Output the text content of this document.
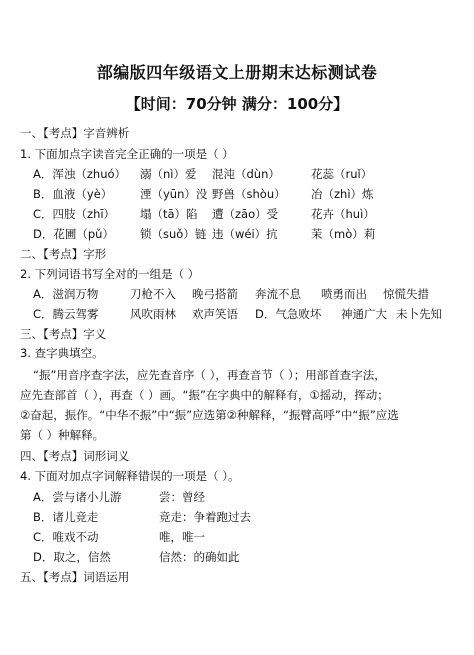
部编版四年级语文上册期末达标测试卷
【时间：70分钟 满分：100分】
一、【考点】字音辨析
1. 下面加点字读音完全正确的一项是（ ）
A．浑浊（zhuó） 溺（nì）爱 混沌（dùn）	花蕊（ruǐ）
B．血液（yè） 湮（yūn）没 野兽（shòu） 冶（zhì）炼
C．四肢（zhī） 塌（tā）陷 遭（zāo）受	花卉（huì）
D．花圃（pǔ） 锁（suǒ）链 违（wéi）抗	茉（mò）莉
二、【考点】字形
2. 下列词语书写全对的一组是（ ）
A．滋润万物	刀枪不入 晚弓搭箭 奔流不息 喷勇而出 惊慌失措
C．腾云驾雾	风吹雨林 欢声笑语 D．气急败坏 神通广大 未卜先知
三、【考点】字义
3. 查字典填空。
“振”用音序查字法，应先查音序（ ），再查音节（ ）；用部首查字法，
应先查部首（ ），再查（ ）画。“振”在字典中的解释有，①摇动，挥动；
②奋起，振作。“中华不振”中“振”应选第②种解释，“振臂高呼”中“振”应选
第（ ）种解释。
四、【考点】词形词义
4. 下面对加点字词解释错误的一项是（ ）。
A．尝与诸小儿游	尝：曾经
B．诸儿竞走	竞走：争着跑过去
C．唯戏不动	唯，唯一
D．取之，信然	信然：的确如此
五、【考点】词语运用
